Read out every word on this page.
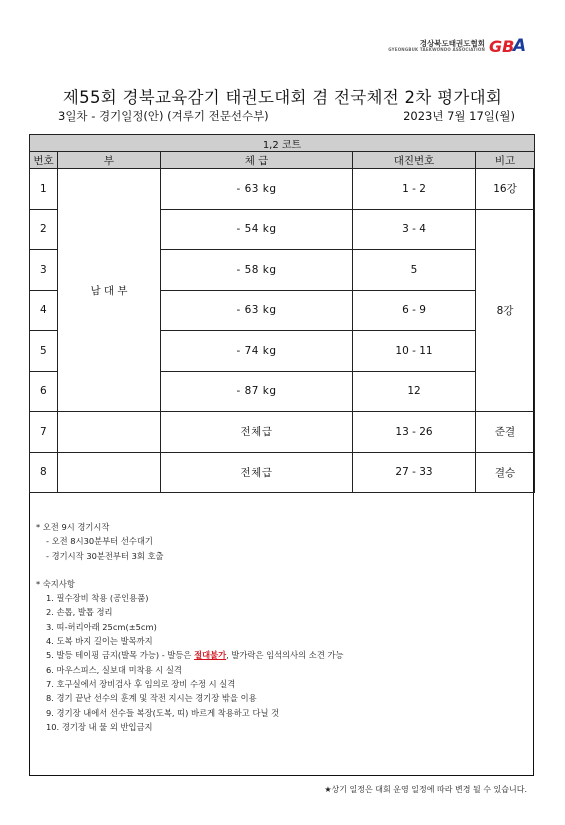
경상북도태권도협회
GYEONGBUK TAEKWONDO ASSOCIATION GB
A
제55회 경북교육감기 태권도대회 겸 전국체전 2차 평가대회
3일차 - 경기일정(안) (겨루기 전문선수부)	2023년 7월 17일(월)
1,2 코트				
번호	부	체 급	대진번호	비고
1	남 대 부	- 63 kg	1 - 2	16강
2		- 54 kg	3 - 4	8강
3		- 58 kg	5	
4		- 63 kg	6 - 9	
5		- 74 kg	10 - 11	
6		- 87 kg	12	
7		전체급	13 - 26	준결
8		전체급	27 - 33	결승
* 오전 9시 경기시작
- 오전 8시30분부터 선수대기
- 경기시작 30분전부터 3회 호출
* 숙지사항
1. 필수장비 착용 (공인용품)
2. 손톱, 발톱 정리
3. 띠-허리아래 25cm(±5cm)
4. 도복 바지 길이는 발목까지
5. 발등 테이핑 금지(발목 가능) - 발등은 절대불가, 발가락은 임석의사의 소견 가능
6. 마우스피스, 실보대 미착용 시 실격
7. 호구실에서 장비검사 후 임의로 장비 수정 시 실격
8. 경기 끝난 선수의 훈계 및 작전 지시는 경기장 밖을 이용
9. 경기장 내에서 선수들 복장(도복, 띠) 바르게 착용하고 다닐 것
10. 경기장 내 물 외 반입금지
★상기 일정은 대회 운영 일정에 따라 변경 될 수 있습니다.
